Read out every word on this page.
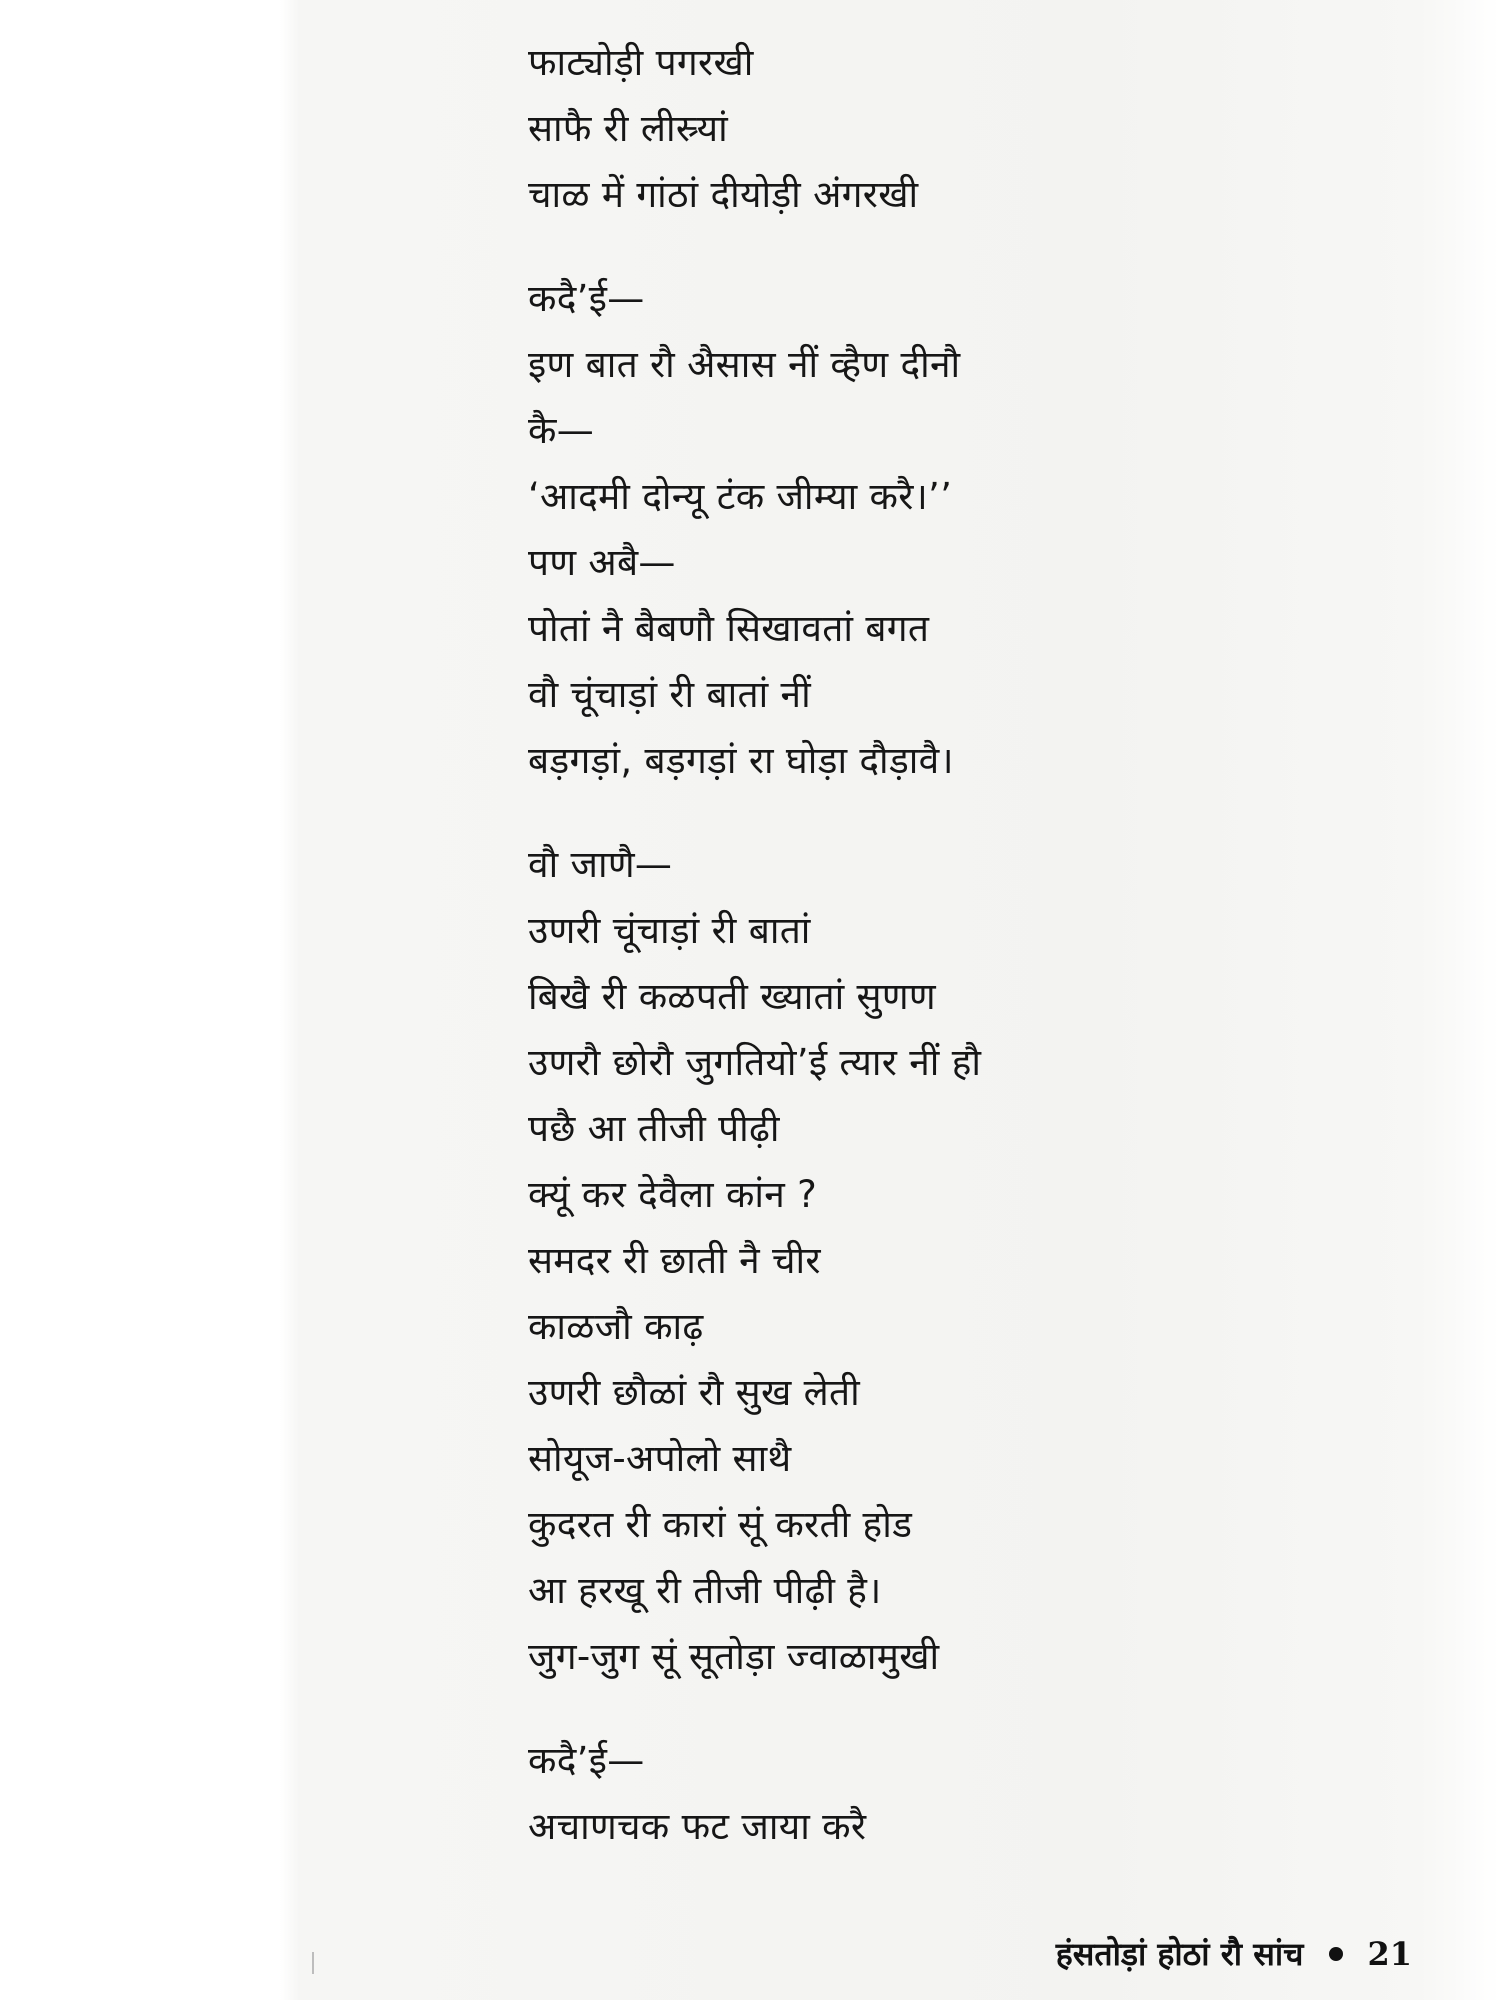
फाट्योड़ी पगरखी
साफै री लीस्र्यां
चाळ में गांठां दीयोड़ी अंगरखी
कदै’ई—
इण बात रौ अैसास नीं व्हैण दीनौ
कै—
‘आदमी दोन्यू टंक जीम्या करै।’’
पण अबै—
पोतां नै बैबणौ सिखावतां बगत
वौ चूंचाड़ां री बातां नीं
बड़गड़ां, बड़गड़ां रा घोड़ा दौड़ावै।
वौ जाणै—
उणरी चूंचाड़ां री बातां
बिखै री कळपती ख्यातां सुणण
उणरौ छोरौ जुगतियो’ई त्यार नीं हौ
पछै आ तीजी पीढ़ी
क्यूं कर देवैला कांन ?
समदर री छाती नै चीर
काळजौ काढ़
उणरी छौळां रौ सुख लेती
सोयूज-अपोलो साथै
कुदरत री कारां सूं करती होड
आ हरखू री तीजी पीढ़ी है।
जुग-जुग सूं सूतोड़ा ज्वाळामुखी
कदै’ई—
अचाणचक फट जाया करै
हंसतोड़ां होठां रौ सांच 21
